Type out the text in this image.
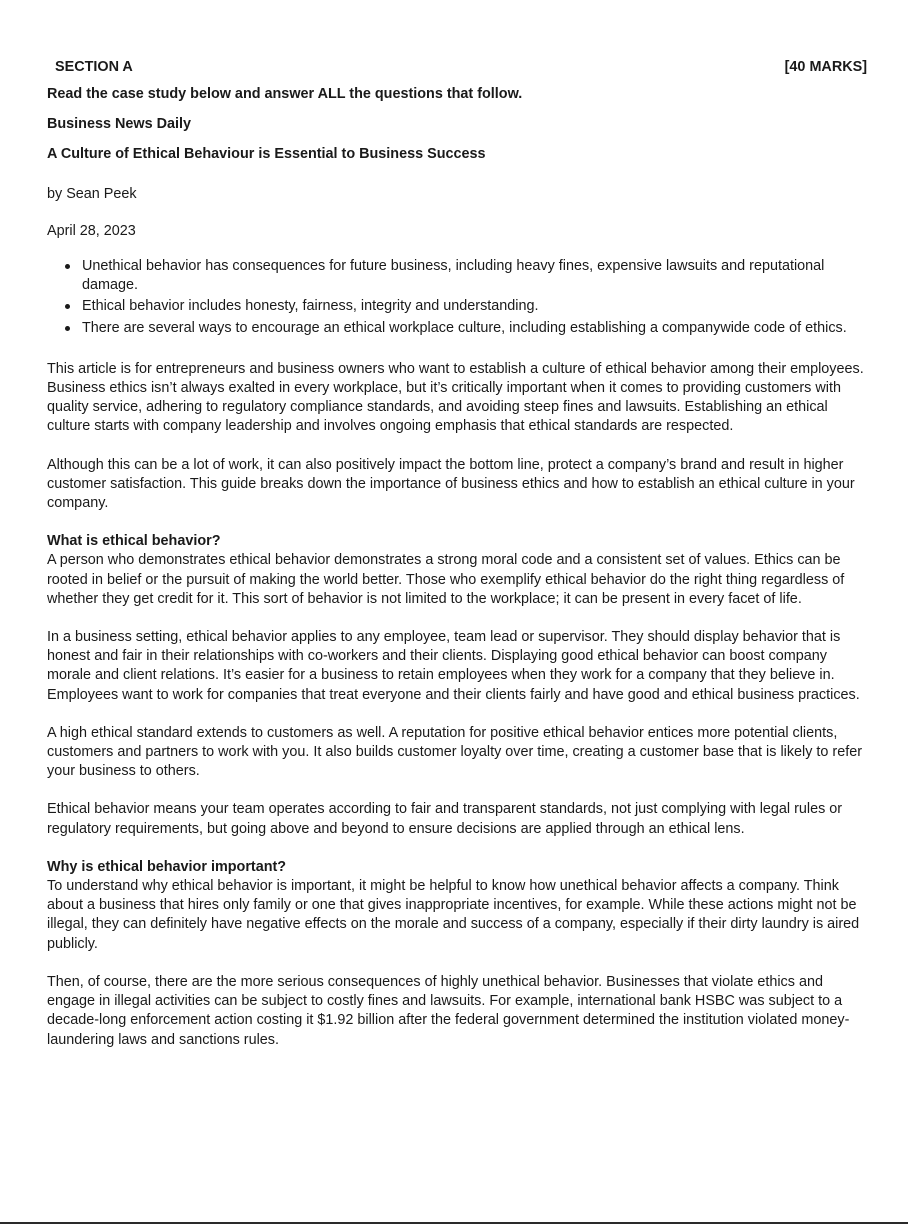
SECTION A	[40 MARKS]
Read the case study below and answer ALL the questions that follow.
Business News Daily
A Culture of Ethical Behaviour is Essential to Business Success
by Sean Peek
April 28, 2023
Unethical behavior has consequences for future business, including heavy fines, expensive lawsuits and reputational damage.
Ethical behavior includes honesty, fairness, integrity and understanding.
There are several ways to encourage an ethical workplace culture, including establishing a companywide code of ethics.

This article is for entrepreneurs and business owners who want to establish a culture of ethical behavior among their employees.

Business ethics isn’t always exalted in every workplace, but it’s critically important when it comes to providing customers with quality service, adhering to regulatory compliance standards, and avoiding steep fines and lawsuits. Establishing an ethical culture starts with company leadership and involves ongoing emphasis that ethical standards are respected.

Although this can be a lot of work, it can also positively impact the bottom line, protect a company’s brand and result in higher customer satisfaction. This guide breaks down the importance of business ethics and how to establish an ethical culture in your company.

What is ethical behavior?

A person who demonstrates ethical behavior demonstrates a strong moral code and a consistent set of values. Ethics can be rooted in belief or the pursuit of making the world better. Those who exemplify ethical behavior do the right thing regardless of whether they get credit for it. This sort of behavior is not limited to the workplace; it can be present in every facet of life.

In a business setting, ethical behavior applies to any employee, team lead or supervisor. They should display behavior that is honest and fair in their relationships with co-workers and their clients. Displaying good ethical behavior can boost company morale and client relations. It’s easier for a business to retain employees when they work for a company that they believe in. Employees want to work for companies that treat everyone and their clients fairly and have good and ethical business practices.

A high ethical standard extends to customers as well. A reputation for positive ethical behavior entices more potential clients, customers and partners to work with you. It also builds customer loyalty over time, creating a customer base that is likely to refer your business to others.

Ethical behavior means your team operates according to fair and transparent standards, not just complying with legal rules or regulatory requirements, but going above and beyond to ensure decisions are applied through an ethical lens.

Why is ethical behavior important?

To understand why ethical behavior is important, it might be helpful to know how unethical behavior affects a company. Think about a business that hires only family or one that gives inappropriate incentives, for example. While these actions might not be illegal, they can definitely have negative effects on the morale and success of a company, especially if their dirty laundry is aired publicly.

Then, of course, there are the more serious consequences of highly unethical behavior. Businesses that violate ethics and engage in illegal activities can be subject to costly fines and lawsuits. For example, international bank HSBC was subject to a decade-long enforcement action costing it $1.92 billion after the federal government determined the institution violated money-laundering laws and sanctions rules.
